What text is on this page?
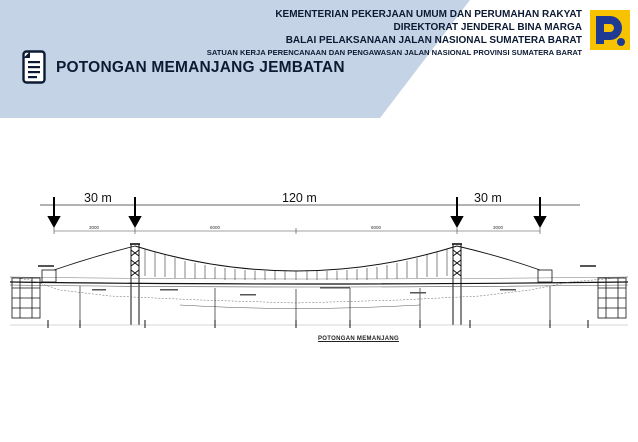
KEMENTERIAN PEKERJAAN UMUM DAN PERUMAHAN RAKYAT
DIREKTORAT JENDERAL BINA MARGA
BALAI PELAKSANAAN JALAN NASIONAL SUMATERA BARAT
SATUAN KERJA PERENCANAAN DAN PENGAWASAN JALAN NASIONAL PROVINSI SUMATERA BARAT
POTONGAN MEMANJANG JEMBATAN
30 m	120 m	30 m
3000	6000	6000	3000
POTONGAN MEMANJANG
